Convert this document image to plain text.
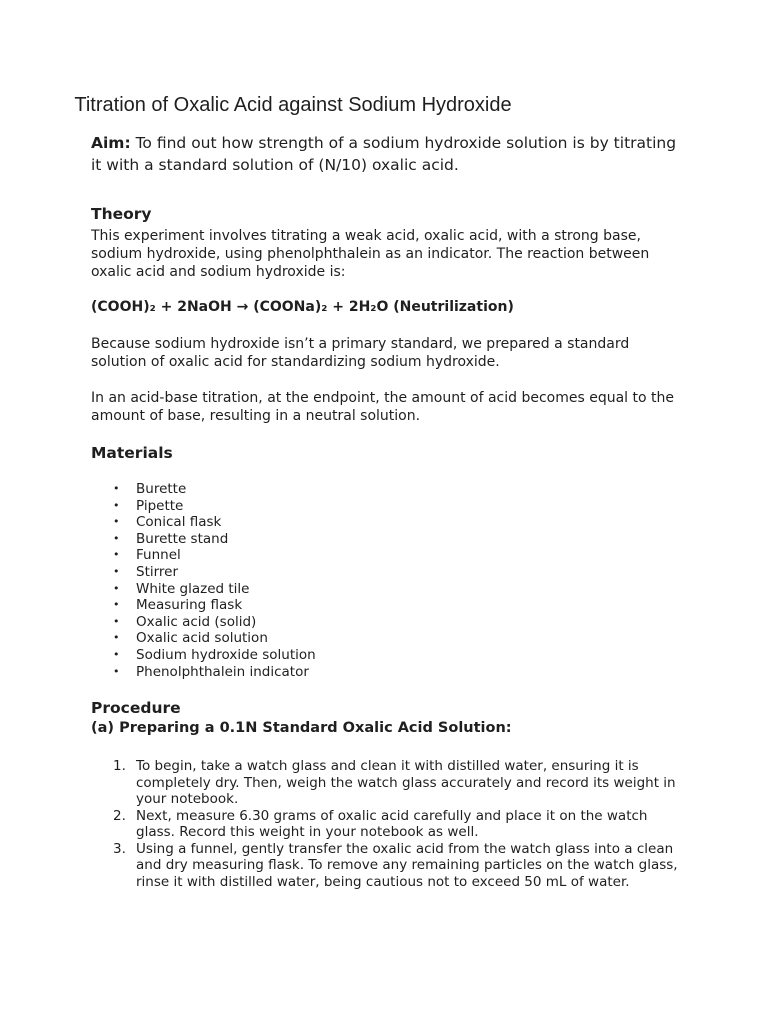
Titration of Oxalic Acid against Sodium Hydroxide
Aim: To find out how strength of a sodium hydroxide solution is by titrating it with a standard solution of (N/10) oxalic acid.
Theory
This experiment involves titrating a weak acid, oxalic acid, with a strong base, sodium hydroxide, using phenolphthalein as an indicator. The reaction between oxalic acid and sodium hydroxide is:
(COOH)₂ + 2NaOH → (COONa)₂ + 2H₂O (Neutrilization)
Because sodium hydroxide isn’t a primary standard, we prepared a standard solution of oxalic acid for standardizing sodium hydroxide.
In an acid-base titration, at the endpoint, the amount of acid becomes equal to the amount of base, resulting in a neutral solution.
Materials
• Burette
• Pipette
• Conical flask
• Burette stand
• Funnel
• Stirrer
• White glazed tile
• Measuring flask
• Oxalic acid (solid)
• Oxalic acid solution
• Sodium hydroxide solution
• Phenolphthalein indicator
Procedure
(a) Preparing a 0.1N Standard Oxalic Acid Solution:
1. To begin, take a watch glass and clean it with distilled water, ensuring it is completely dry. Then, weigh the watch glass accurately and record its weight in your notebook.
2. Next, measure 6.30 grams of oxalic acid carefully and place it on the watch glass. Record this weight in your notebook as well.
3. Using a funnel, gently transfer the oxalic acid from the watch glass into a clean and dry measuring flask. To remove any remaining particles on the watch glass, rinse it with distilled water, being cautious not to exceed 50 mL of water.
